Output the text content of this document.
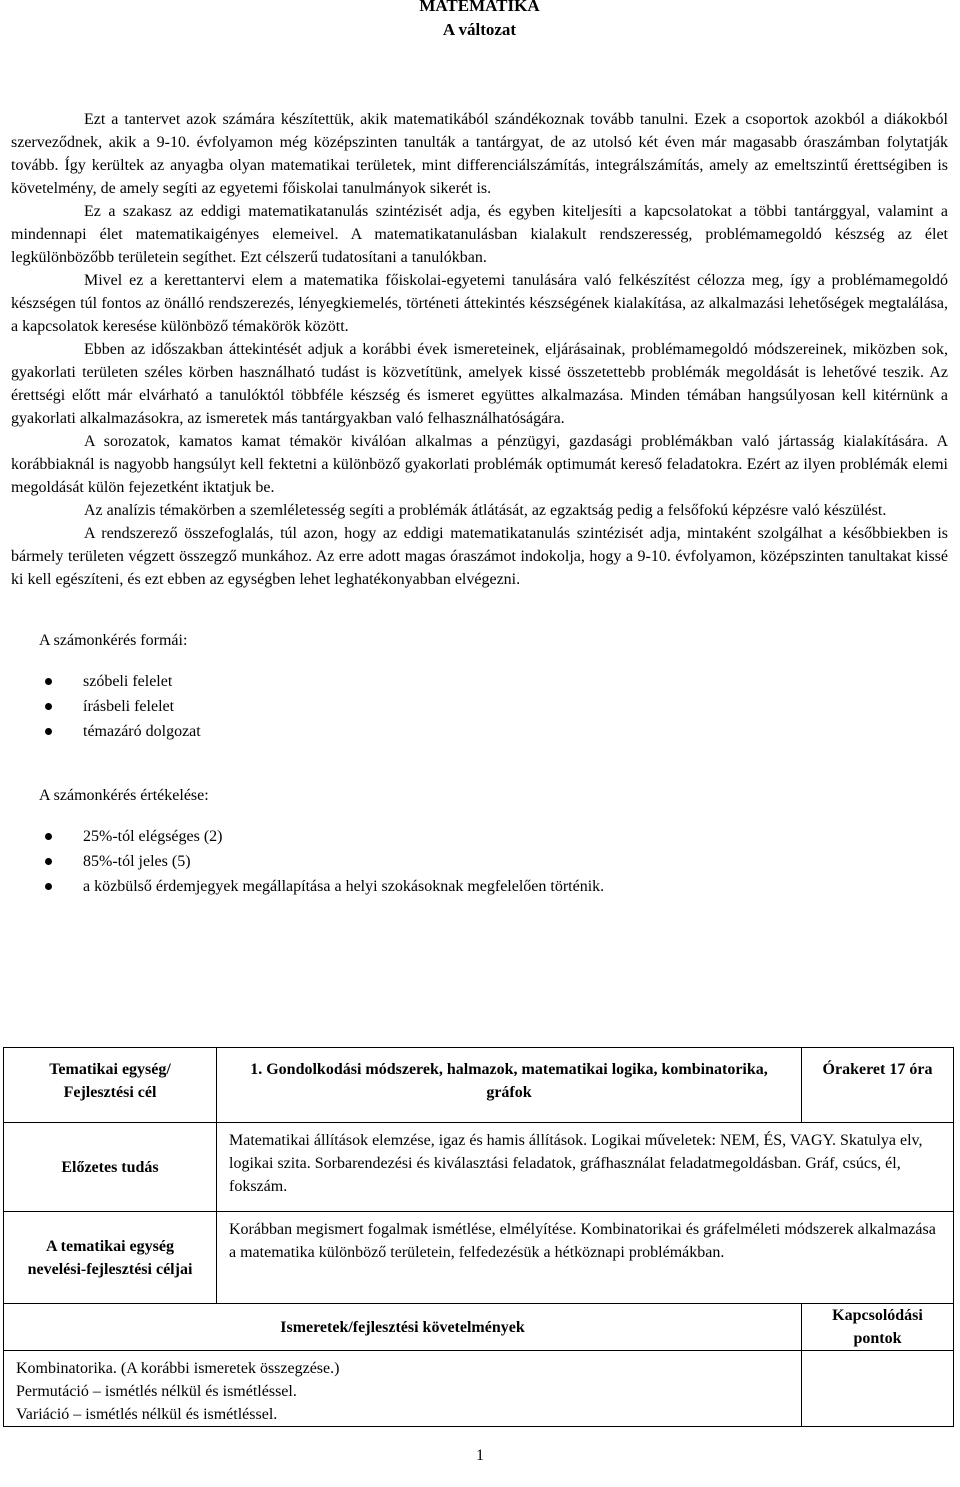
MATEMATIKA
A változat

Ezt a tantervet azok számára készítettük, akik matematikából szándékoznak tovább tanulni. Ezek a csoportok azokból a diákokból szerveződnek, akik a 9-10. évfolyamon még középszinten tanulták a tantárgyat, de az utolsó két éven már magasabb óraszámban folytatják tovább. Így kerültek az anyagba olyan matematikai területek, mint differenciálszámítás, integrálszámítás, amely az emeltszintű érettségiben is követelmény, de amely segíti az egyetemi főiskolai tanulmányok sikerét is.

Ez a szakasz az eddigi matematikatanulás szintézisét adja, és egyben kiteljesíti a kapcsolatokat a többi tantárggyal, valamint a mindennapi élet matematikaigényes elemeivel. A matematikatanulásban kialakult rendszeresség, problémamegoldó készség az élet legkülönbözőbb területein segíthet. Ezt célszerű tudatosítani a tanulókban.

Mivel ez a kerettantervi elem a matematika főiskolai-egyetemi tanulására való felkészítést célozza meg, így a problémamegoldó készségen túl fontos az önálló rendszerezés, lényegkiemelés, történeti áttekintés készségének kialakítása, az alkalmazási lehetőségek megtalálása, a kapcsolatok keresése különböző témakörök között.

Ebben az időszakban áttekintését adjuk a korábbi évek ismereteinek, eljárásainak, problémamegoldó módszereinek, miközben sok, gyakorlati területen széles körben használható tudást is közvetítünk, amelyek kissé összetettebb problémák megoldását is lehetővé teszik. Az érettségi előtt már elvárható a tanulóktól többféle készség és ismeret együttes alkalmazása. Minden témában hangsúlyosan kell kitérnünk a gyakorlati alkalmazásokra, az ismeretek más tantárgyakban való felhasználhatóságára.

A sorozatok, kamatos kamat témakör kiválóan alkalmas a pénzügyi, gazdasági problémákban való jártasság kialakítására. A korábbiaknál is nagyobb hangsúlyt kell fektetni a különböző gyakorlati problémák optimumát kereső feladatokra. Ezért az ilyen problémák elemi megoldását külön fejezetként iktatjuk be.

Az analízis témakörben a szemléletesség segíti a problémák átlátását, az egzaktság pedig a felsőfokú képzésre való készülést.

A rendszerező összefoglalás, túl azon, hogy az eddigi matematikatanulás szintézisét adja, mintaként szolgálhat a későbbiekben is bármely területen végzett összegző munkához. Az erre adott magas óraszámot indokolja, hogy a 9-10. évfolyamon, középszinten tanultakat kissé ki kell egészíteni, és ezt ebben az egységben lehet leghatékonyabban elvégezni.

A számonkérés formái:
szóbeli felelet
írásbeli felelet
témazáró dolgozat
A számonkérés értékelése:
25%-tól elégséges (2)
85%-tól jeles (5)
a közbülső érdemjegyek megállapítása a helyi szokásoknak megfelelően történik.
Tematikai egység/ Fejlesztési cél	1. Gondolkodási módszerek, halmazok, matematikai logika, kombinatorika, gráfok	Órakeret 17 óra
Előzetes tudás	Matematikai állítások elemzése, igaz és hamis állítások. Logikai műveletek: NEM, ÉS, VAGY. Skatulya elv, logikai szita. Sorbarendezési és kiválasztási feladatok, gráfhasználat feladatmegoldásban. Gráf, csúcs, él, fokszám.	
A tematikai egység nevelési-fejlesztési céljai	Korábban megismert fogalmak ismétlése, elmélyítése. Kombinatorikai és gráfelméleti módszerek alkalmazása a matematika különböző területein, felfedezésük a hétköznapi problémákban.	
Ismeretek/fejlesztési követelmények		Kapcsolódási pontok

Kombinatorika. (A korábbi ismeretek összegzése.)
Permutáció – ismétlés nélkül és ismétléssel.
Variáció – ismétlés nélkül és ismétléssel.		

1
